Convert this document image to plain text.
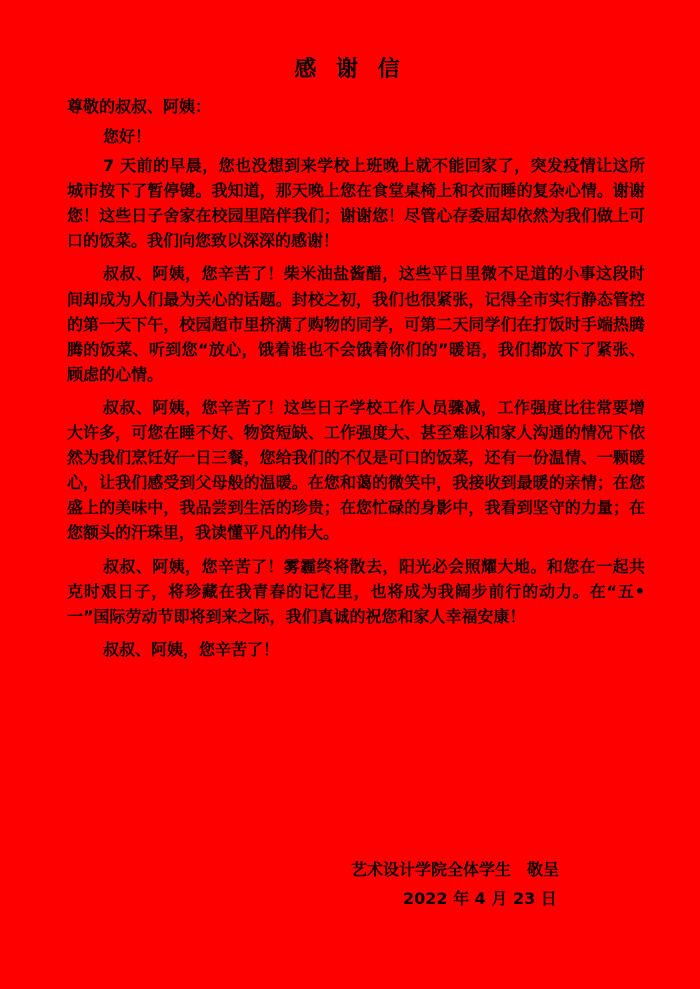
感 谢 信
尊敬的叔叔、阿姨：

您好！

7 天前的早晨，您也没想到来学校上班晚上就不能回家了，突发疫情让这所城市按下了暂停键。我知道，那天晚上您在食堂桌椅上和衣而睡的复杂心情。谢谢您！这些日子舍家在校园里陪伴我们；谢谢您！尽管心存委屈却依然为我们做上可口的饭菜。我们向您致以深深的感谢！

叔叔、阿姨，您辛苦了！柴米油盐酱醋，这些平日里微不足道的小事这段时间却成为人们最为关心的话题。封校之初，我们也很紧张，记得全市实行静态管控的第一天下午，校园超市里挤满了购物的同学，可第二天同学们在打饭时手端热腾腾的饭菜、听到您“放心，饿着谁也不会饿着你们的”暖语，我们都放下了紧张、顾虑的心情。

叔叔、阿姨，您辛苦了！这些日子学校工作人员骤减，工作强度比往常要增大许多，可您在睡不好、物资短缺、工作强度大、甚至难以和家人沟通的情况下依然为我们烹饪好一日三餐，您给我们的不仅是可口的饭菜，还有一份温情、一颗暖心，让我们感受到父母般的温暖。在您和蔼的微笑中，我接收到最暖的亲情；在您盛上的美味中，我品尝到生活的珍贵；在您忙碌的身影中，我看到坚守的力量；在您额头的汗珠里，我读懂平凡的伟大。

叔叔、阿姨，您辛苦了！雾霾终将散去，阳光必会照耀大地。和您在一起共克时艰日子，将珍藏在我青春的记忆里，也将成为我阔步前行的动力。在“五•一”国际劳动节即将到来之际，我们真诚的祝您和家人幸福安康！

叔叔、阿姨，您辛苦了！

艺术设计学院全体学生　敬呈
2022 年 4 月 23 日
